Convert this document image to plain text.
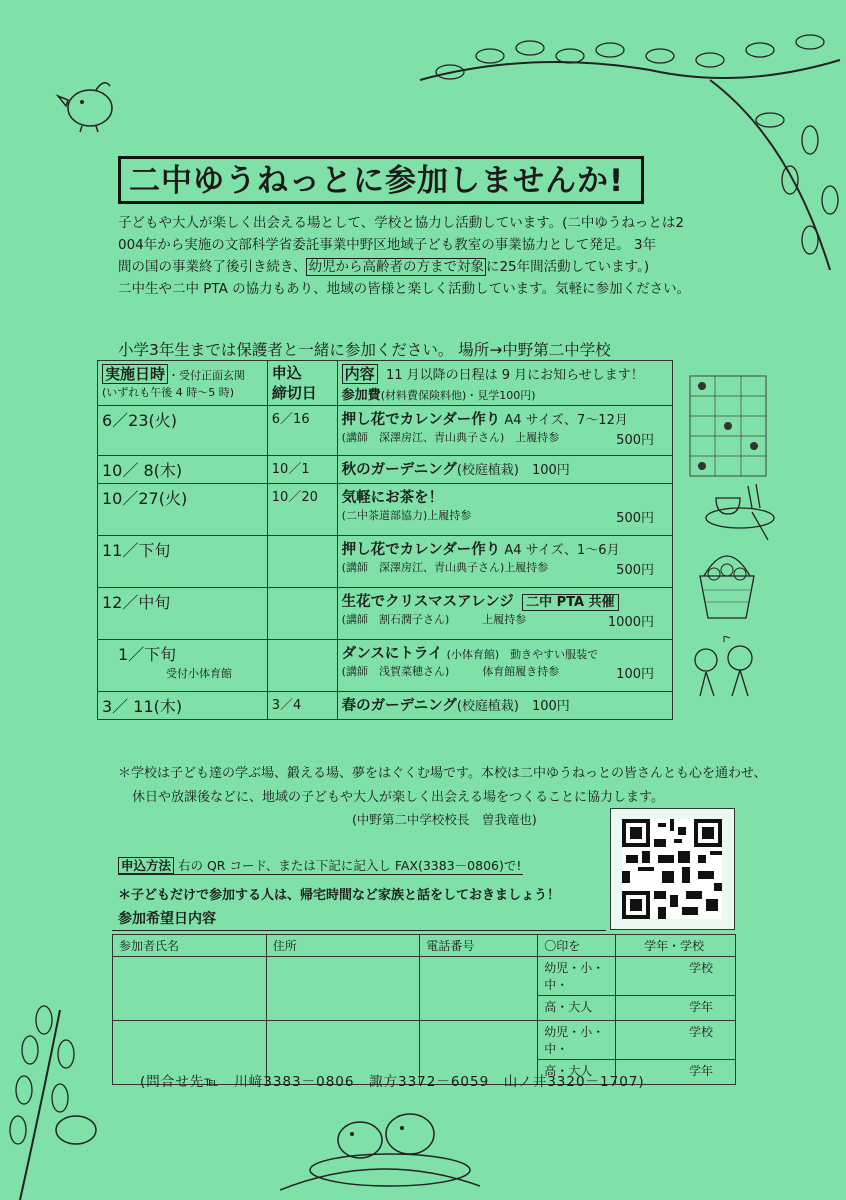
二中ゆうねっとに参加しませんか!

子どもや大人が楽しく出会える場として、学校と協力し活動しています。(二中ゆうねっとは2

004年から実施の文部科学省委託事業中野区地域子ども教室の事業協力として発足。 3年

間の国の事業終了後引き続き、 幼児から高齢者の方まで対象 に25年間活動しています。)

二中生や二中 PTA の協力もあり、地域の皆様と楽しく活動しています。気軽に参加ください。

小学3年生までは保護者と一緒に参加ください。 場所→中野第二中学校
実施日時 ・受付正面玄関
(いずれも午後 4 時～5 時)	申込
締切日	内容 11 月以降の日程は 9 月にお知らせします！
参加費(材料費保険料他)・見学100円)
6／23(火)	6／16	押し花でカレンダー作り A4 サイズ、7～12月
(講師　深澤房江、青山典子さん)　上履持参 500円

10／ 8(木)	10／1	秋のガーデニング(校庭植栽)　100円
10／27(火)	10／20	気軽にお茶を！
(二中茶道部協力)上履持参 500円

11／下旬		押し花でカレンダー作り A4 サイズ、1～6月
(講師　深澤房江、青山典子さん)上履持参 500円

12／中旬		生花でクリスマスアレンジ 二中 PTA 共催
(講師　割石潤子さん)　　　上履持参 1000円

1／下旬
受付小体育館		ダンスにトライ (小体育館)　動きやすい服装で
(講師　浅賀菜穂さん)　　　体育館履き持参 100円

3／ 11(木)	3／4	春のガーデニング(校庭植栽)　100円

＊学校は子ども達の学ぶ場、鍛える場、夢をはぐくむ場です。本校は二中ゆうねっとの皆さんとも心を通わせ、

休日や放課後などに、地域の子どもや大人が楽しく出会える場をつくることに協力します。

(中野第二中学校校長　曽我竜也)
申込方法 右の QR コード、または下記に記入し FAX(3383－0806)で!
＊子どもだけで参加する人は、帰宅時間など家族と話をしておきましょう！
参加希望日内容
参加者氏名	住所	電話番号	〇印を	学年・学校
			幼児・小・中・	学校
			高・大人	学年
			幼児・小・中・	学校
			高・大人	学年
(問合せ先℡　川﨑3383－0806　諏方3372－6059　山ノ井3320－1707)
